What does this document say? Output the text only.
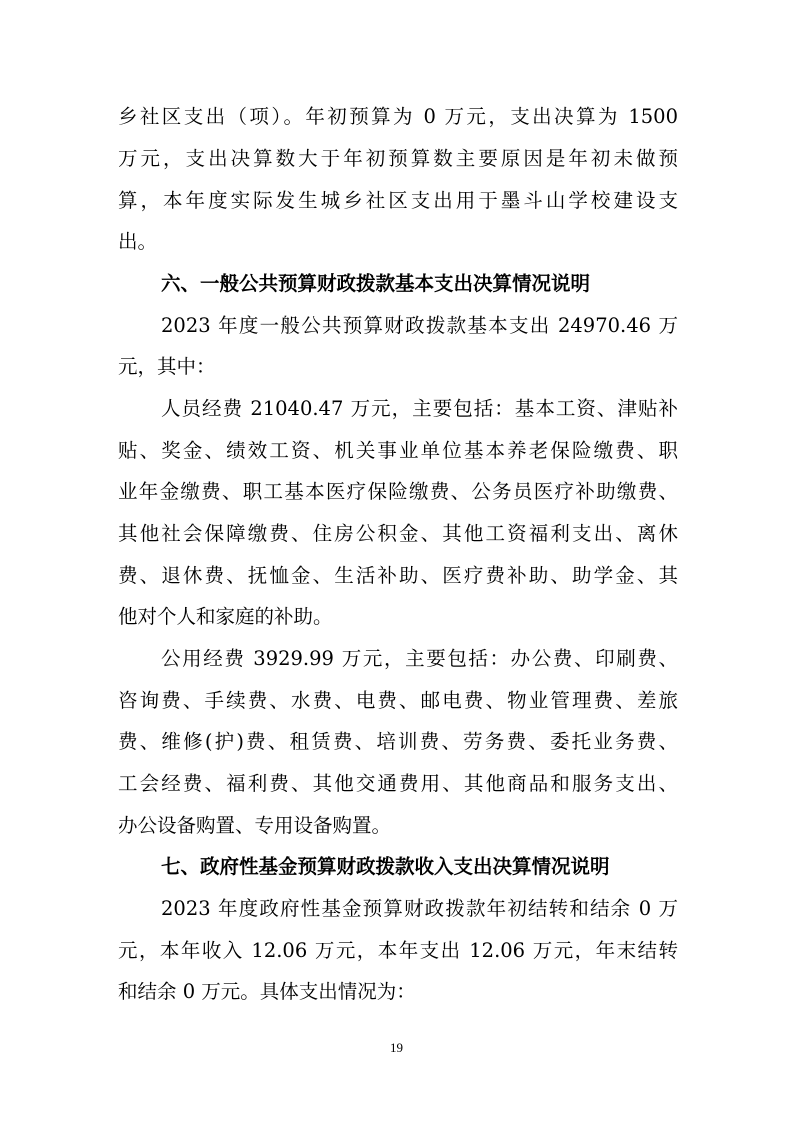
乡社区支出（项）。年初预算为 0 万元，支出决算为 1500
万元，支出决算数大于年初预算数主要原因是年初未做预
算，本年度实际发生城乡社区支出用于墨斗山学校建设支
出。
六、一般公共预算财政拨款基本支出决算情况说明
2023 年度一般公共预算财政拨款基本支出 24970.46 万
元，其中：
人员经费 21040.47 万元，主要包括：基本工资、津贴补
贴、奖金、绩效工资、机关事业单位基本养老保险缴费、职
业年金缴费、职工基本医疗保险缴费、公务员医疗补助缴费、
其他社会保障缴费、住房公积金、其他工资福利支出、离休
费、退休费、抚恤金、生活补助、医疗费补助、助学金、其
他对个人和家庭的补助。
公用经费 3929.99 万元，主要包括：办公费、印刷费、
咨询费、手续费、水费、电费、邮电费、物业管理费、差旅
费、维修(护)费、租赁费、培训费、劳务费、委托业务费、
工会经费、福利费、其他交通费用、其他商品和服务支出、
办公设备购置、专用设备购置。
七、政府性基金预算财政拨款收入支出决算情况说明
2023 年度政府性基金预算财政拨款年初结转和结余 0 万
元，本年收入 12.06 万元，本年支出 12.06 万元，年末结转
和结余 0 万元。具体支出情况为：
19
